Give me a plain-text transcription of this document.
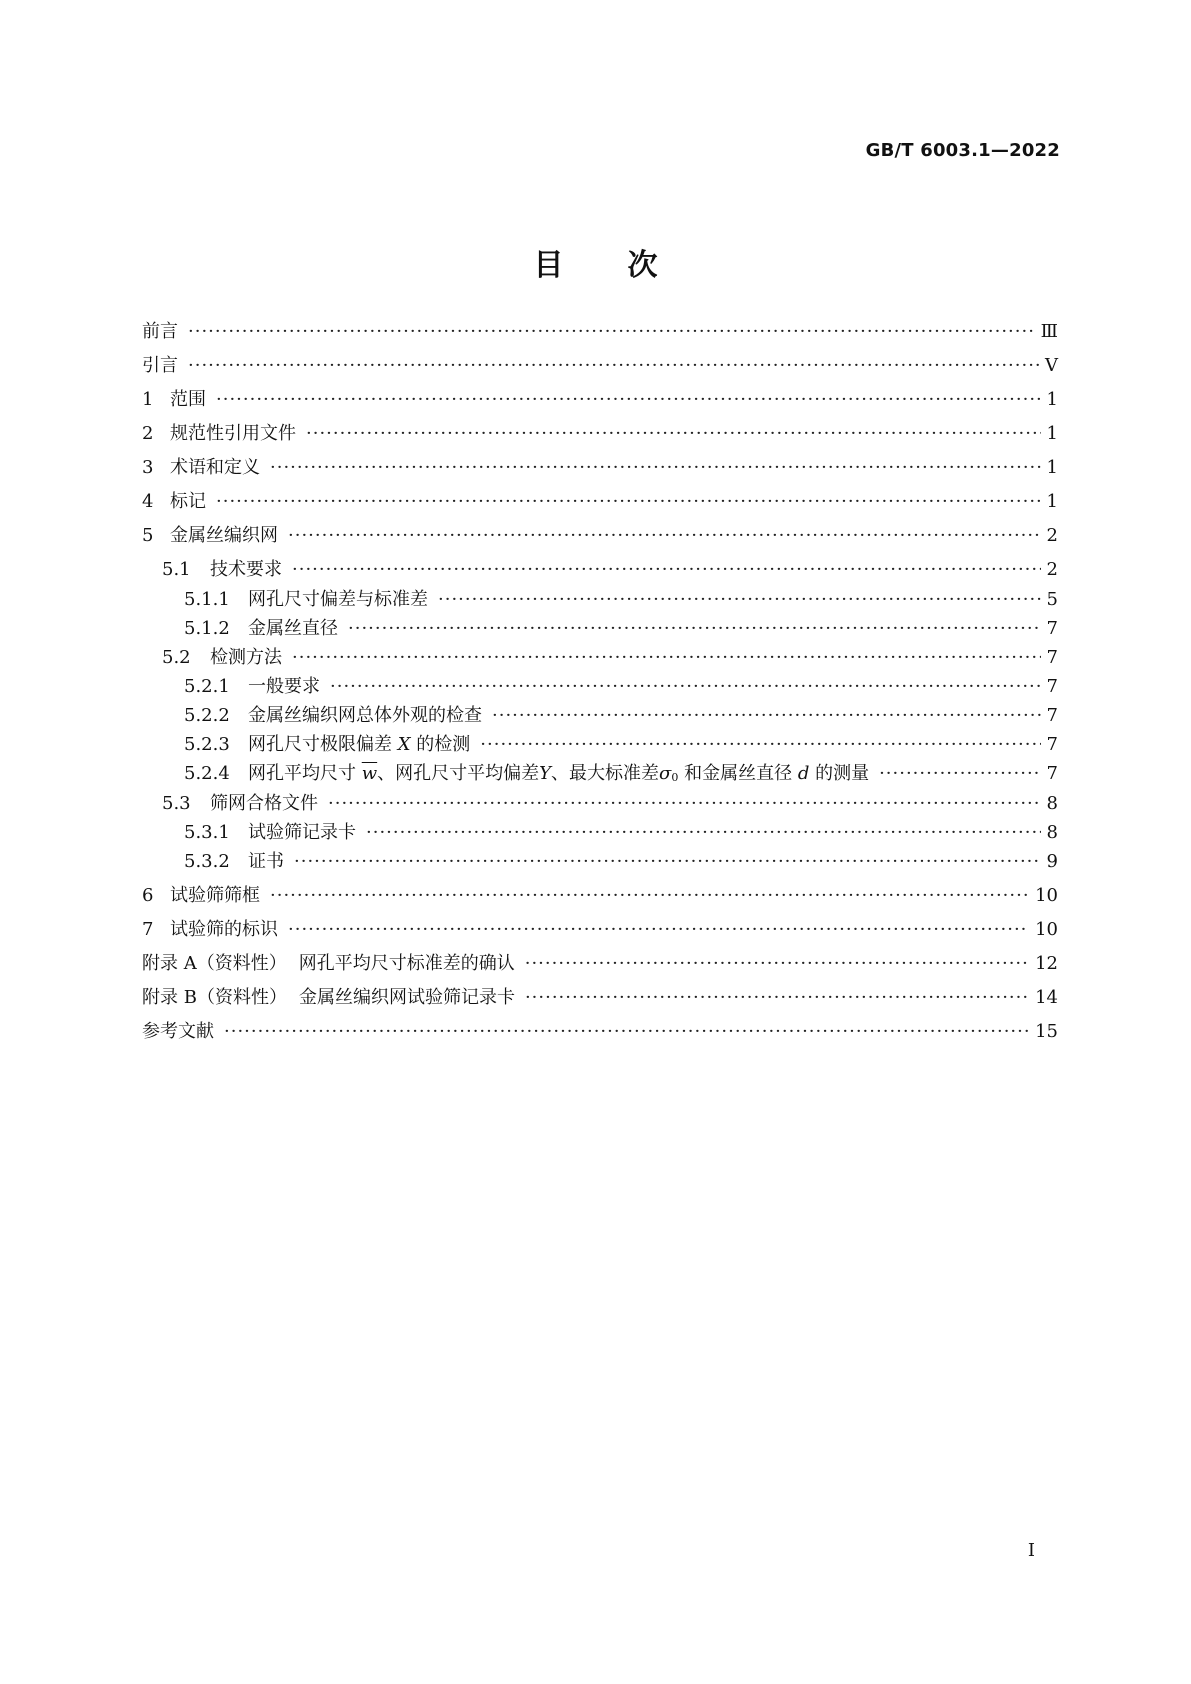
GB/T 6003.1—2022
目 次
前言 ·····	Ⅲ
引言 ·····	Ⅴ
1 范围 ·····	1
2 规范性引用文件 ·····	1
3 术语和定义 ·····	1
4 标记 ·····	1
5 金属丝编织网 ·····	2
5.1	技术要求 ·····	2
5.1.1	网孔尺寸偏差与标准差 ·····	5
5.1.2	金属丝直径 ·····	7
5.2	检测方法 ·····	7
5.2.1	一般要求 ·····	7
5.2.2	金属丝编织网总体外观的检查 ·····	7
5.2.3	网孔尺寸极限偏差 X 的检测 ·····	7
5.2.4	网孔平均尺寸 $\overline{w}$、网孔尺寸平均偏差Y、最大标准差σ0 和金属丝直径 d 的测量 ·····	7
5.3	筛网合格文件 ·····	8
5.3.1	试验筛记录卡 ·····	8
5.3.2	证书 ·····	9
6 试验筛筛框 ·····	10
7 试验筛的标识 ·····	10
附录 A（资料性） 网孔平均尺寸标准差的确认 ·····	12
附录 B（资料性） 金属丝编织网试验筛记录卡 ·····	14
参考文献 ·····	15
Ⅰ
